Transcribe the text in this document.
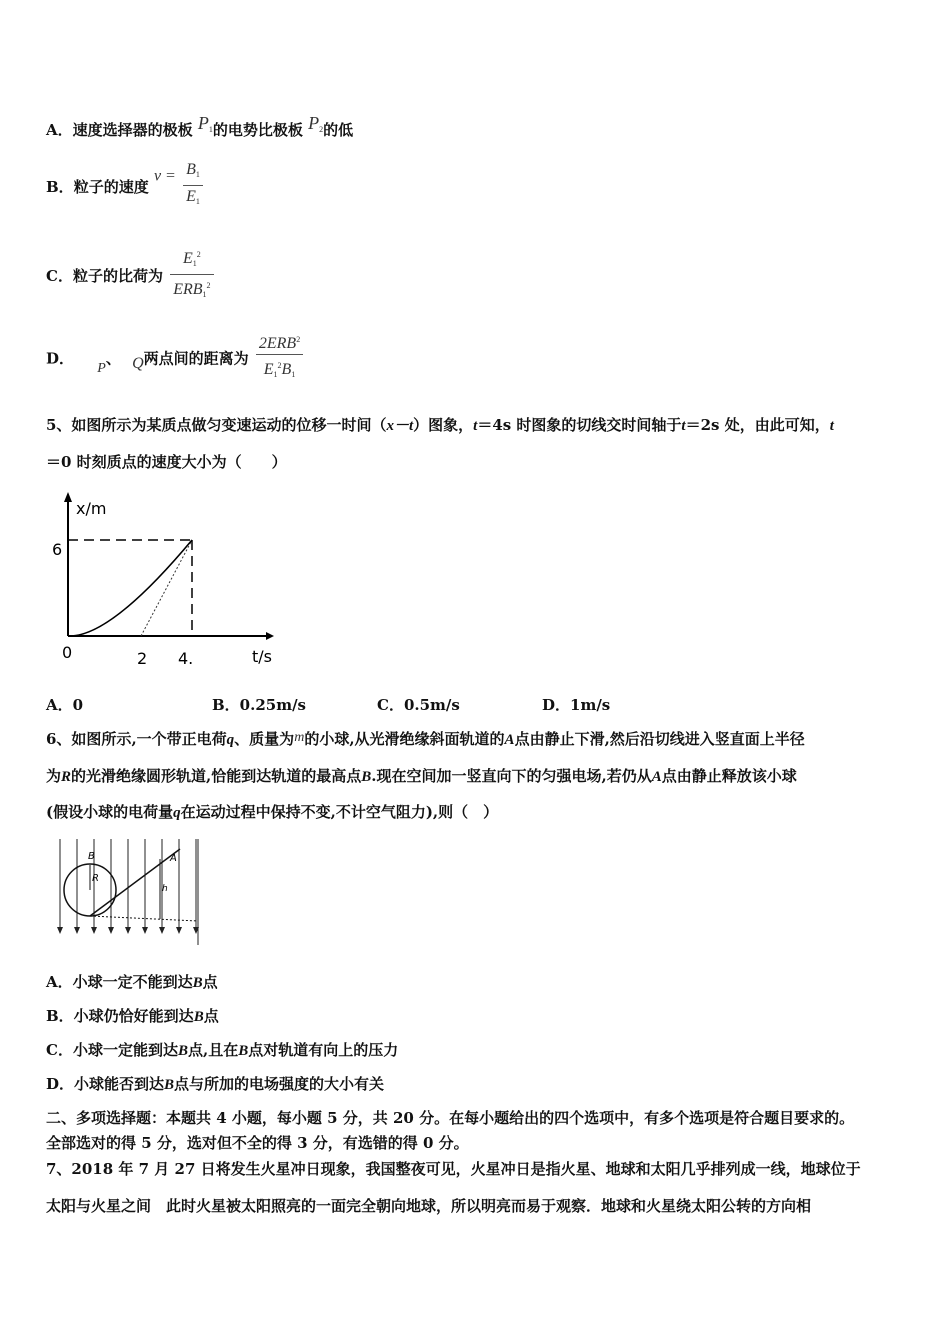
A．速度选择器的极板 $P_1$的电势比极板 $P_2$的低
B．粒子的速度 $v = \frac{B_1}{E_1}$
C．粒子的比荷为 $\frac{E_1^2}{ERB_1^2}$
D． P、 Q两点间的距离为 $\frac{2ERB^2}{E_1^2B_1}$
5、如图所示为某质点做匀变速运动的位移一时间（x－t）图象，t＝4s 时图象的切线交时间轴于t＝2s 处，由此可知，t
＝0 时刻质点的速度大小为（　　）
x/m
t/s
6
0	2 4.
A．0	B．0.25m/s	C．0.5m/s	D．1m/s
6、如图所示,一个带正电荷q、质量为m的小球,从光滑绝缘斜面轨道的A点由静止下滑,然后沿切线进入竖直面上半径
为R的光滑绝缘圆形轨道,恰能到达轨道的最高点B.现在空间加一竖直向下的匀强电场,若仍从A点由静止释放该小球
(假设小球的电荷量q在运动过程中保持不变,不计空气阻力),则（　）
B
R
A
h
A．小球一定不能到达B点
B．小球仍恰好能到达B点
C．小球一定能到达B点,且在B点对轨道有向上的压力
D．小球能否到达B点与所加的电场强度的大小有关
二、多项选择题：本题共 4 小题，每小题 5 分，共 20 分。在每小题给出的四个选项中，有多个选项是符合题目要求的。
全部选对的得 5 分，选对但不全的得 3 分，有选错的得 0 分。
7、2018 年 7 月 27 日将发生火星冲日现象，我国整夜可见，火星冲日是指火星、地球和太阳几乎排列成一线，地球位于
太阳与火星之间　此时火星被太阳照亮的一面完全朝向地球，所以明亮而易于观察．地球和火星绕太阳公转的方向相
